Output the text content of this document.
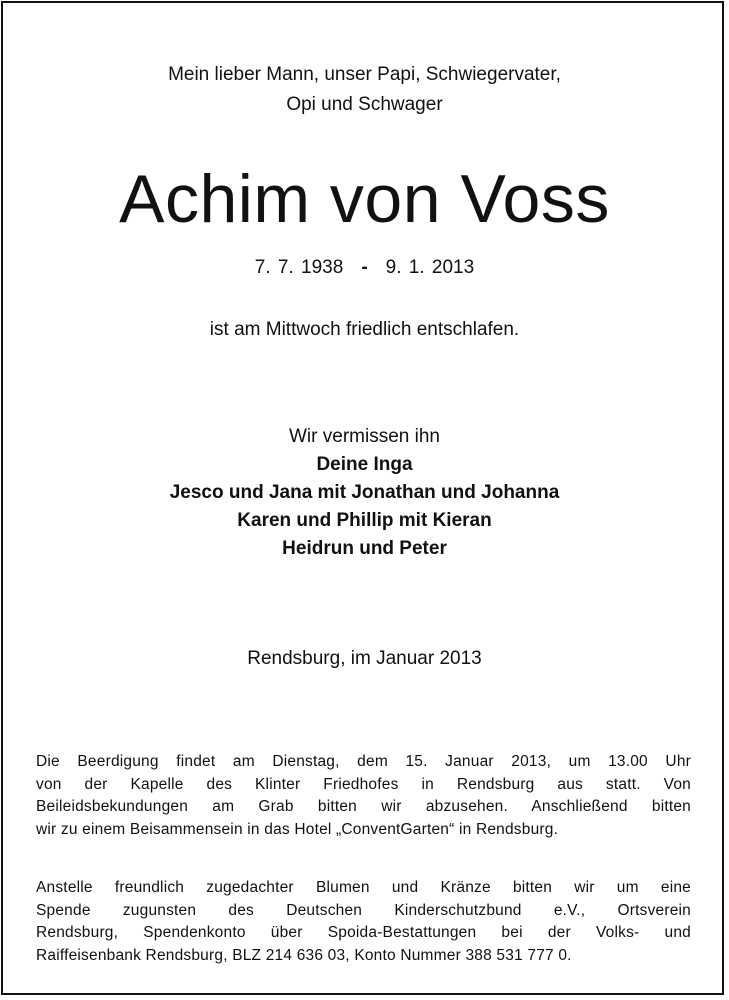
Mein lieber Mann, unser Papi, Schwiegervater,
Opi und Schwager
Achim von Voss
7. 7. 1938 - 9. 1. 2013
ist am Mittwoch friedlich entschlafen.
Wir vermissen ihn
Deine Inga
Jesco und Jana mit Jonathan und Johanna
Karen und Phillip mit Kieran
Heidrun und Peter
Rendsburg, im Januar 2013
Die Beerdigung findet am Dienstag, dem 15. Januar 2013, um 13.00 Uhr
von der Kapelle des Klinter Friedhofes in Rendsburg aus statt. Von
Beileidsbekundungen am Grab bitten wir abzusehen. Anschließend bitten
wir zu einem Beisammensein in das Hotel „ConventGarten“ in Rendsburg.
Anstelle freundlich zugedachter Blumen und Kränze bitten wir um eine
Spende zugunsten des Deutschen Kinderschutzbund e.V., Ortsverein
Rendsburg, Spendenkonto über Spoida-Bestattungen bei der Volks- und
Raiffeisenbank Rendsburg, BLZ 214 636 03, Konto Nummer 388 531 777 0.
